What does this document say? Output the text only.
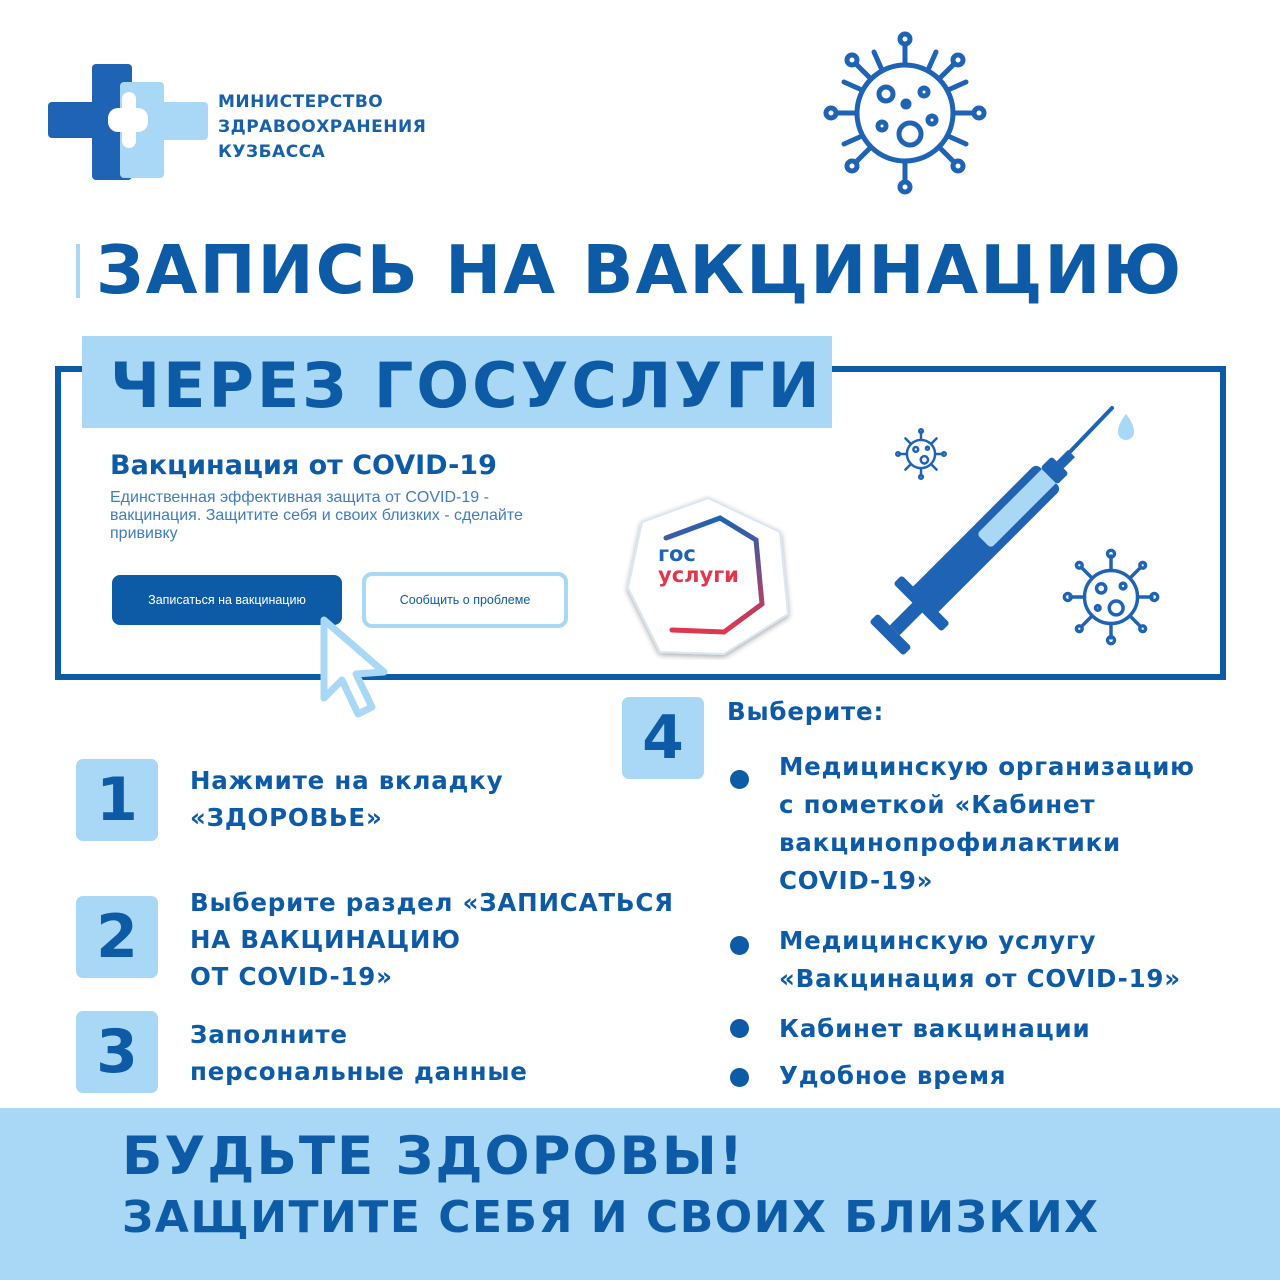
МИНИСТЕРСТВО
ЗДРАВООХРАНЕНИЯ
КУЗБАССА
ЗАПИСЬ НА ВАКЦИНАЦИЮ
ЧЕРЕЗ ГОСУСЛУГИ
Вакцинация от COVID-19
Единственная эффективная защита от COVID-19 - вакцинация. Защитите себя и своих близких - сделайте прививку
Записаться на вакцинацию	Сообщить о проблеме
гос
услуги
1	Нажмите на вкладку
«ЗДОРОВЬЕ»
2	Выберите раздел «ЗАПИСАТЬСЯ
НА ВАКЦИНАЦИЮ
ОТ COVID-19»
3	Заполните
персональные данные
4	Выберите:
Медицинскую организацию
с пометкой «Кабинет
вакцинопрофилактики
COVID-19»
Медицинскую услугу
«Вакцинация от COVID-19»
Кабинет вакцинации
Удобное время
БУДЬТЕ ЗДОРОВЫ!
ЗАЩИТИТЕ СЕБЯ И СВОИХ БЛИЗКИХ
